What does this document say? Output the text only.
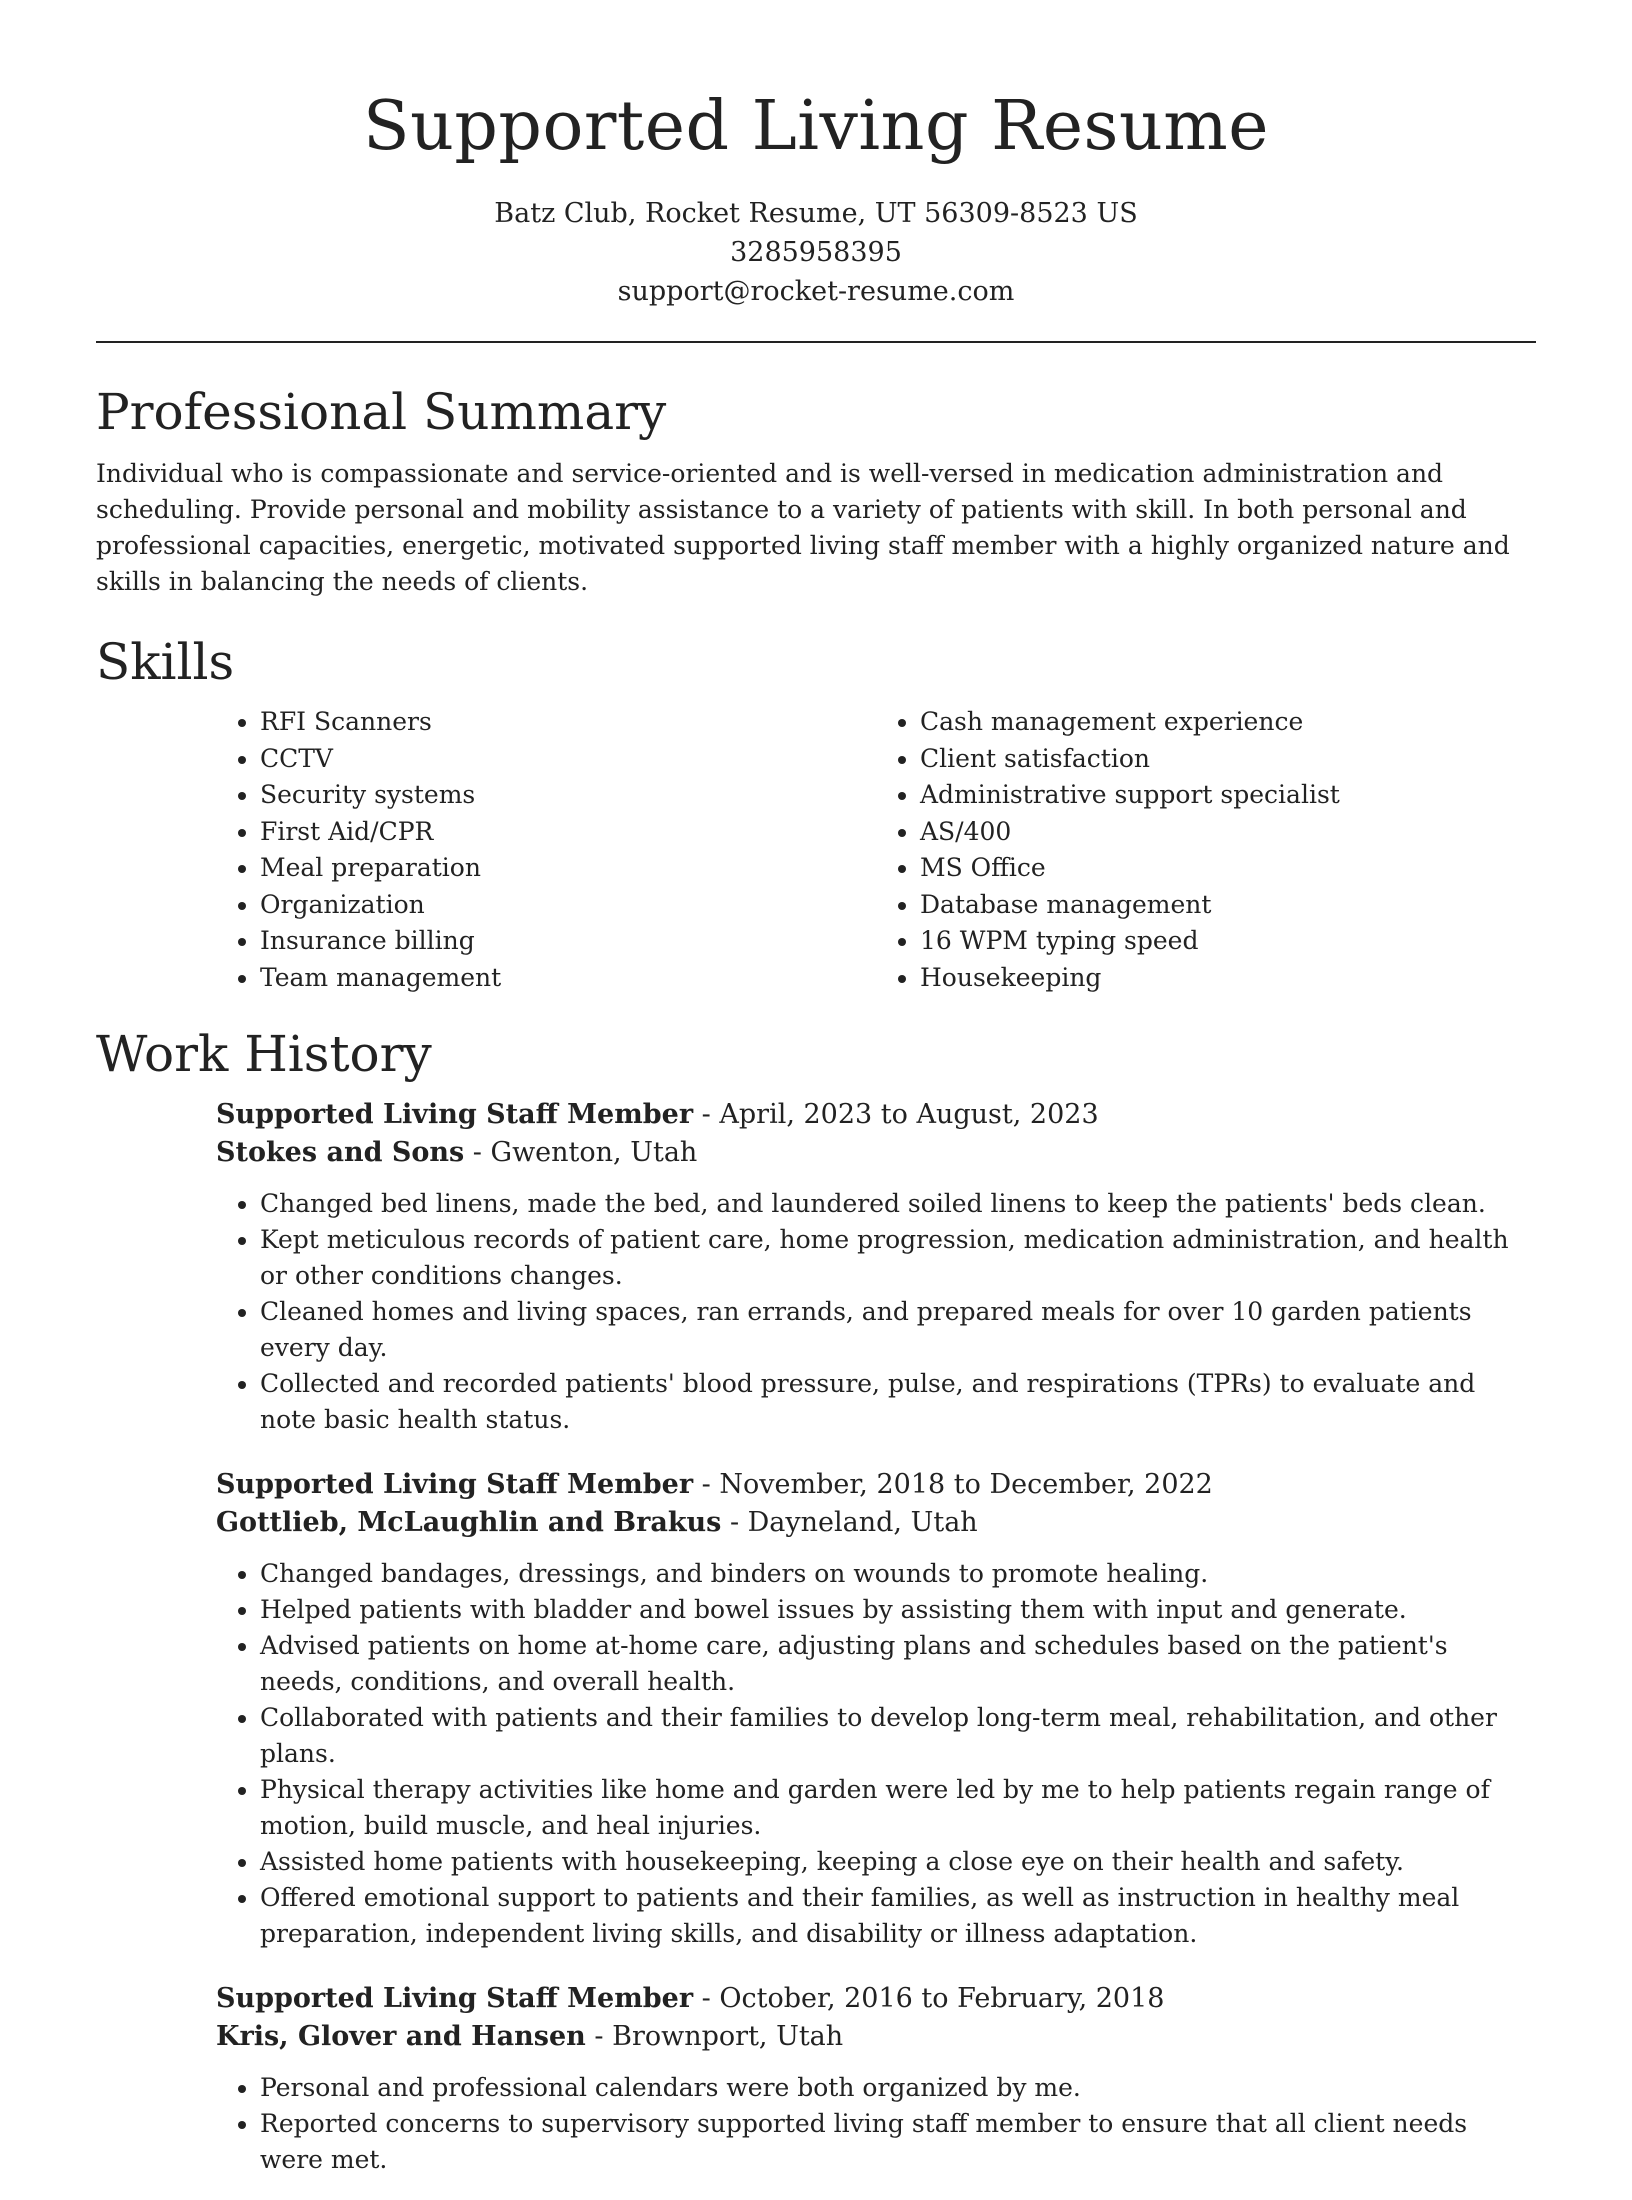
Supported Living Resume
Batz Club, Rocket Resume, UT 56309-8523 US
3285958395
support@rocket-resume.com
Professional Summary

Individual who is compassionate and service-oriented and is well-versed in medication administration and scheduling. Provide personal and mobility assistance to a variety of patients with skill. In both personal and professional capacities, energetic, motivated supported living staff member with a highly organized nature and skills in balancing the needs of clients.

Skills
• RFI Scanners
• CCTV
• Security systems
• First Aid/CPR
• Meal preparation
• Organization
• Insurance billing
• Team management
• Cash management experience
• Client satisfaction
• Administrative support specialist
• AS/400
• MS Office
• Database management
• 16 WPM typing speed
• Housekeeping
Work History
Supported Living Staff Member - April, 2023 to August, 2023
Stokes and Sons - Gwenton, Utah
• Changed bed linens, made the bed, and laundered soiled linens to keep the patients' beds clean.
• Kept meticulous records of patient care, home progression, medication administration, and health or other conditions changes.
• Cleaned homes and living spaces, ran errands, and prepared meals for over 10 garden patients every day.
• Collected and recorded patients' blood pressure, pulse, and respirations (TPRs) to evaluate and note basic health status.
Supported Living Staff Member - November, 2018 to December, 2022
Gottlieb, McLaughlin and Brakus - Dayneland, Utah
• Changed bandages, dressings, and binders on wounds to promote healing.
• Helped patients with bladder and bowel issues by assisting them with input and generate.
• Advised patients on home at-home care, adjusting plans and schedules based on the patient's needs, conditions, and overall health.
• Collaborated with patients and their families to develop long-term meal, rehabilitation, and other plans.
• Physical therapy activities like home and garden were led by me to help patients regain range of motion, build muscle, and heal injuries.
• Assisted home patients with housekeeping, keeping a close eye on their health and safety.
• Offered emotional support to patients and their families, as well as instruction in healthy meal preparation, independent living skills, and disability or illness adaptation.
Supported Living Staff Member - October, 2016 to February, 2018
Kris, Glover and Hansen - Brownport, Utah
• Personal and professional calendars were both organized by me.
• Reported concerns to supervisory supported living staff member to ensure that all client needs were met.
